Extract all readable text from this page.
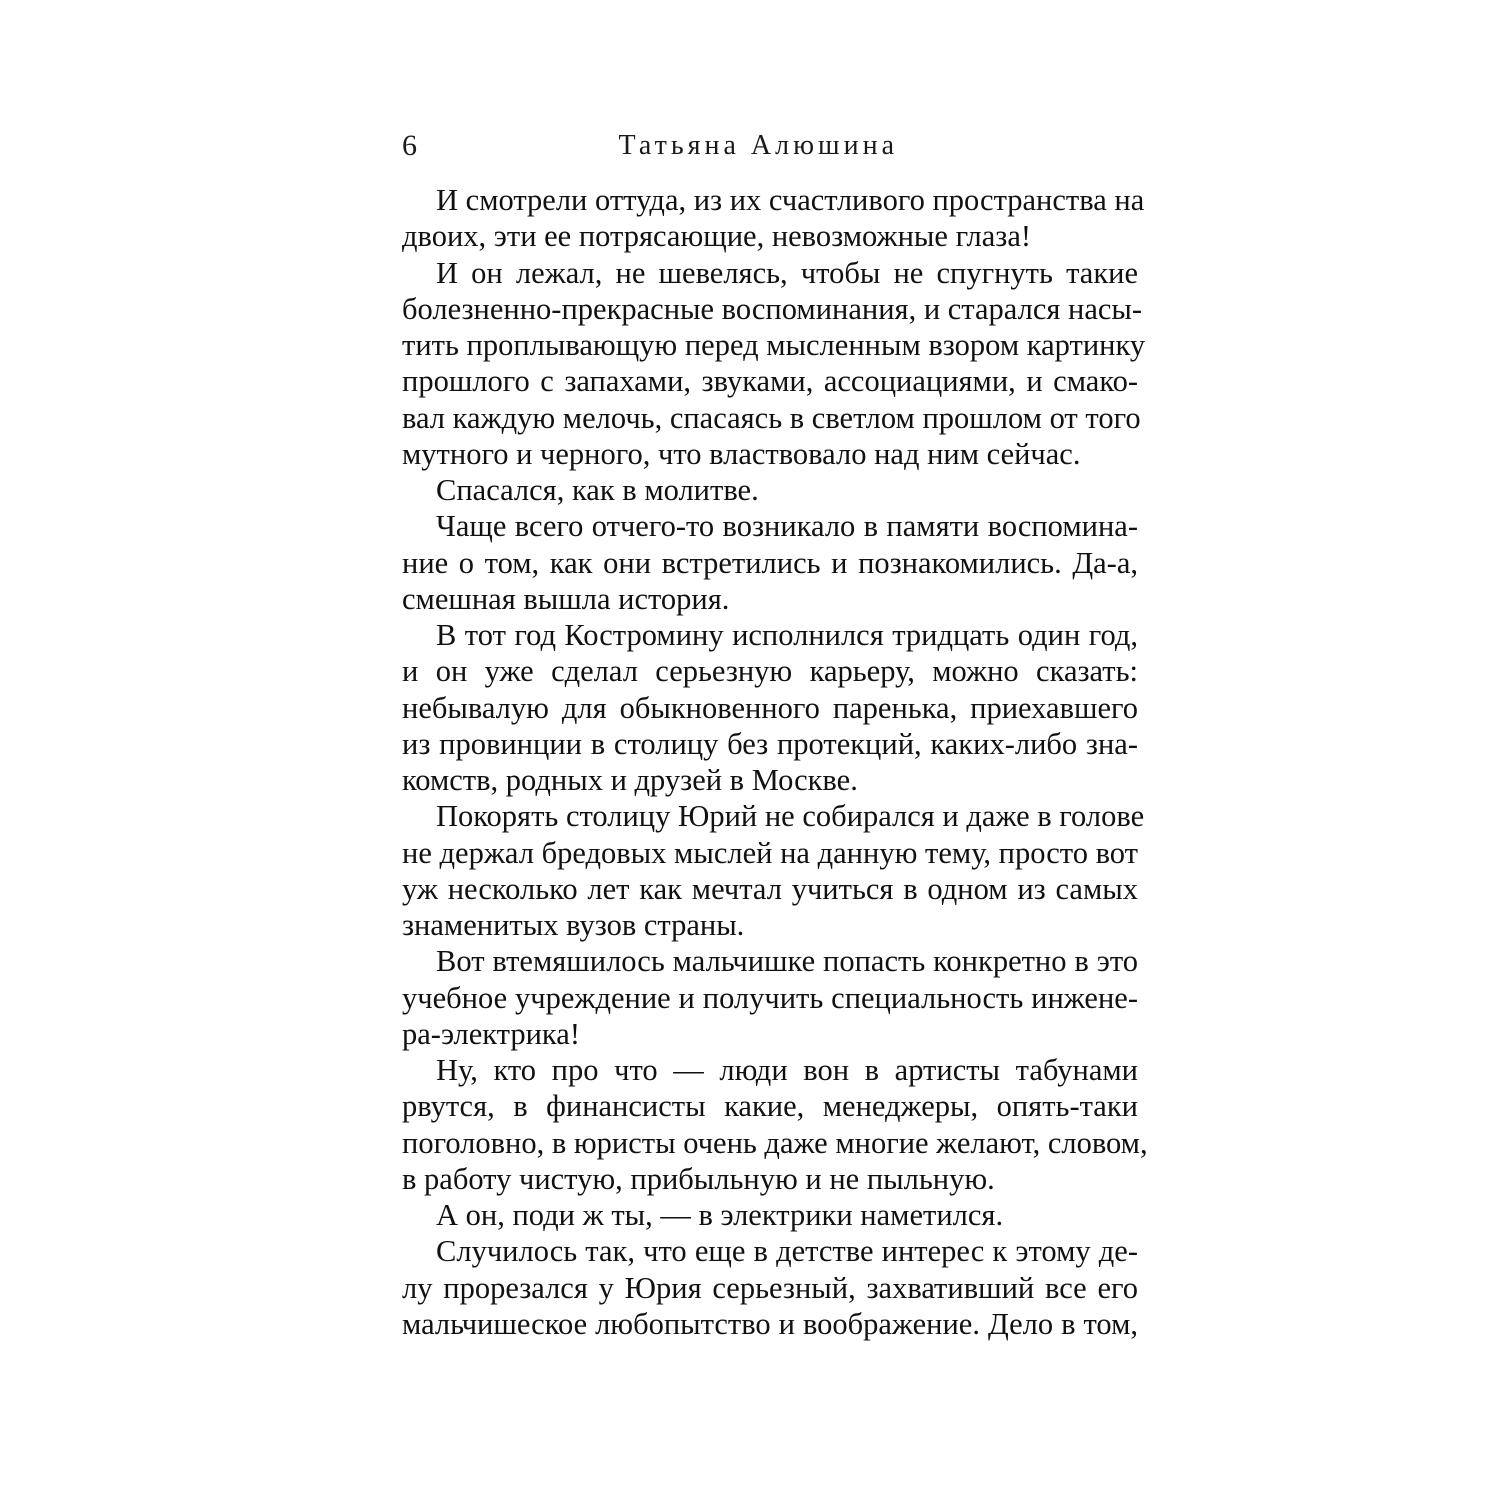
6	Татьяна Алюшина
И смотрели оттуда, из их счастливого пространства на
двоих, эти ее потрясающие, невозможные глаза!
И он лежал, не шевелясь, чтобы не спугнуть такие
болезненно-прекрасные воспоминания, и старался насы-
тить проплывающую перед мысленным взором картинку
прошлого с запахами, звуками, ассоциациями, и смако-
вал каждую мелочь, спасаясь в светлом прошлом от того
мутного и черного, что властвовало над ним сейчас.
Спасался, как в молитве.
Чаще всего отчего-то возникало в памяти воспомина-
ние о том, как они встретились и познакомились. Да-а,
смешная вышла история.
В тот год Костромину исполнился тридцать один год,
и он уже сделал серьезную карьеру, можно сказать:
небывалую для обыкновенного паренька, приехавшего
из провинции в столицу без протекций, каких-либо зна-
комств, родных и друзей в Москве.
Покорять столицу Юрий не собирался и даже в голове
не держал бредовых мыслей на данную тему, просто вот
уж несколько лет как мечтал учиться в одном из самых
знаменитых вузов страны.
Вот втемяшилось мальчишке попасть конкретно в это
учебное учреждение и получить специальность инжене-
ра-электрика!
Ну, кто про что — люди вон в артисты табунами
рвутся, в финансисты какие, менеджеры, опять-таки
поголовно, в юристы очень даже многие желают, словом,
в работу чистую, прибыльную и не пыльную.
А он, поди ж ты, — в электрики наметился.
Случилось так, что еще в детстве интерес к этому де-
лу прорезался у Юрия серьезный, захвативший все его
мальчишеское любопытство и воображение. Дело в том,
